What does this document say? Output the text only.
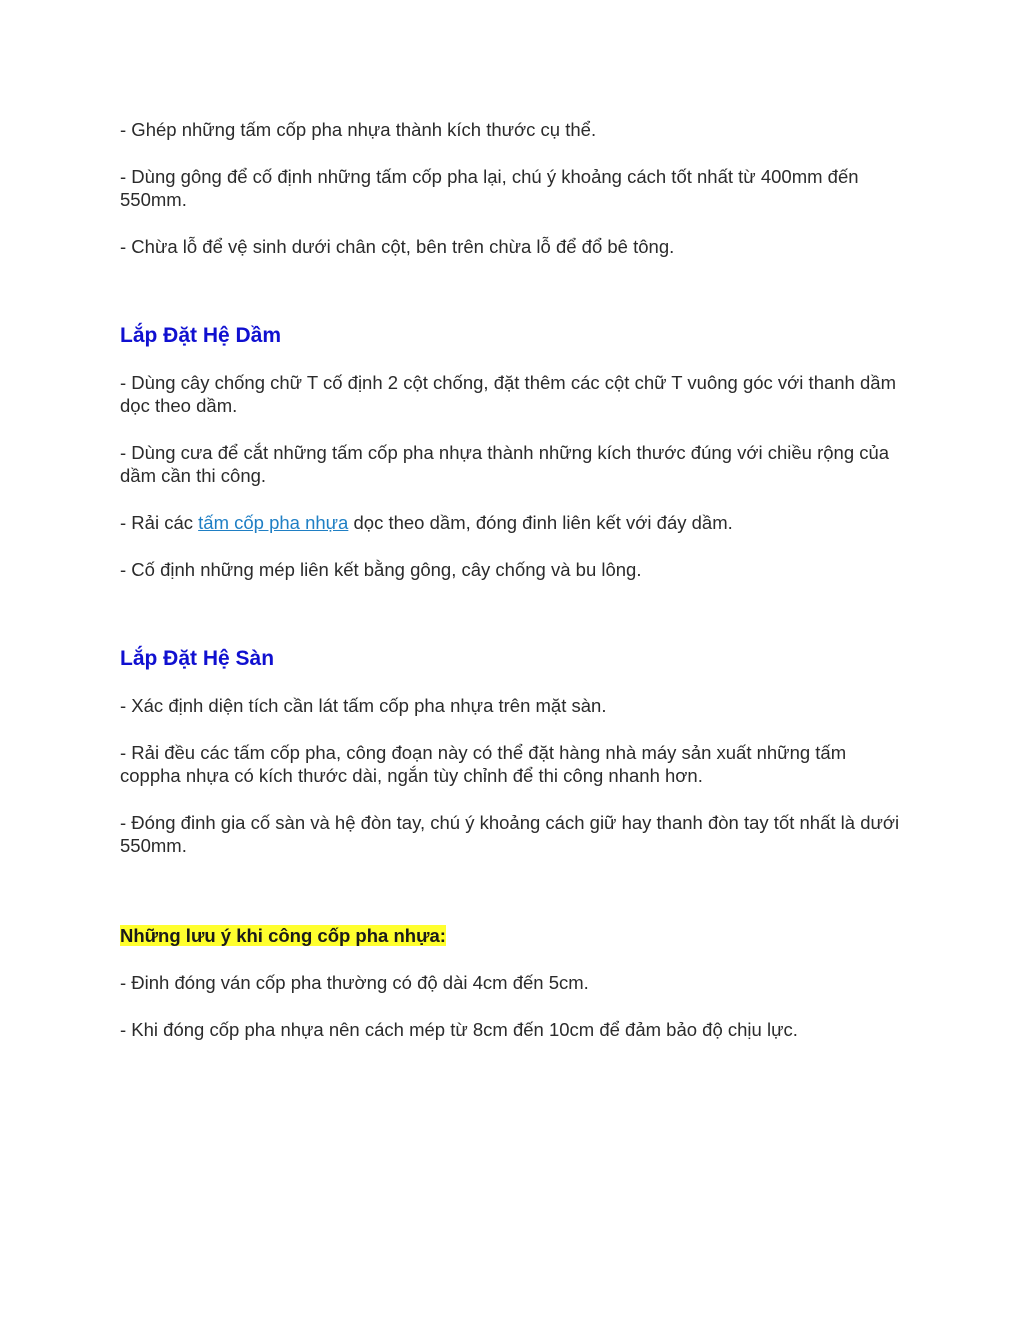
- Ghép những tấm cốp pha nhựa thành kích thước cụ thể.

- Dùng gông để cố định những tấm cốp pha lại, chú ý khoảng cách tốt nhất từ 400mm đến 550mm.

- Chừa lỗ để vệ sinh dưới chân cột, bên trên chừa lỗ để đổ bê tông.

Lắp Đặt Hệ Dầm

- Dùng cây chống chữ T cố định 2 cột chống, đặt thêm các cột chữ T vuông góc với thanh dầm dọc theo dầm.

- Dùng cưa để cắt những tấm cốp pha nhựa thành những kích thước đúng với chiều rộng của dầm cần thi công.

- Rải các tấm cốp pha nhựa dọc theo dầm, đóng đinh liên kết với đáy dầm.

- Cố định những mép liên kết bằng gông, cây chống và bu lông.

Lắp Đặt Hệ Sàn

- Xác định diện tích cần lát tấm cốp pha nhựa trên mặt sàn.

- Rải đều các tấm cốp pha, công đoạn này có thể đặt hàng nhà máy sản xuất những tấm coppha nhựa có kích thước dài, ngắn tùy chỉnh để thi công nhanh hơn.

- Đóng đinh gia cố sàn và hệ đòn tay, chú ý khoảng cách giữ hay thanh đòn tay tốt nhất là dưới 550mm.

Những lưu ý khi công cốp pha nhựa:

- Đinh đóng ván cốp pha thường có độ dài 4cm đến 5cm.

- Khi đóng cốp pha nhựa nên cách mép từ 8cm đến 10cm để đảm bảo độ chịu lực.
